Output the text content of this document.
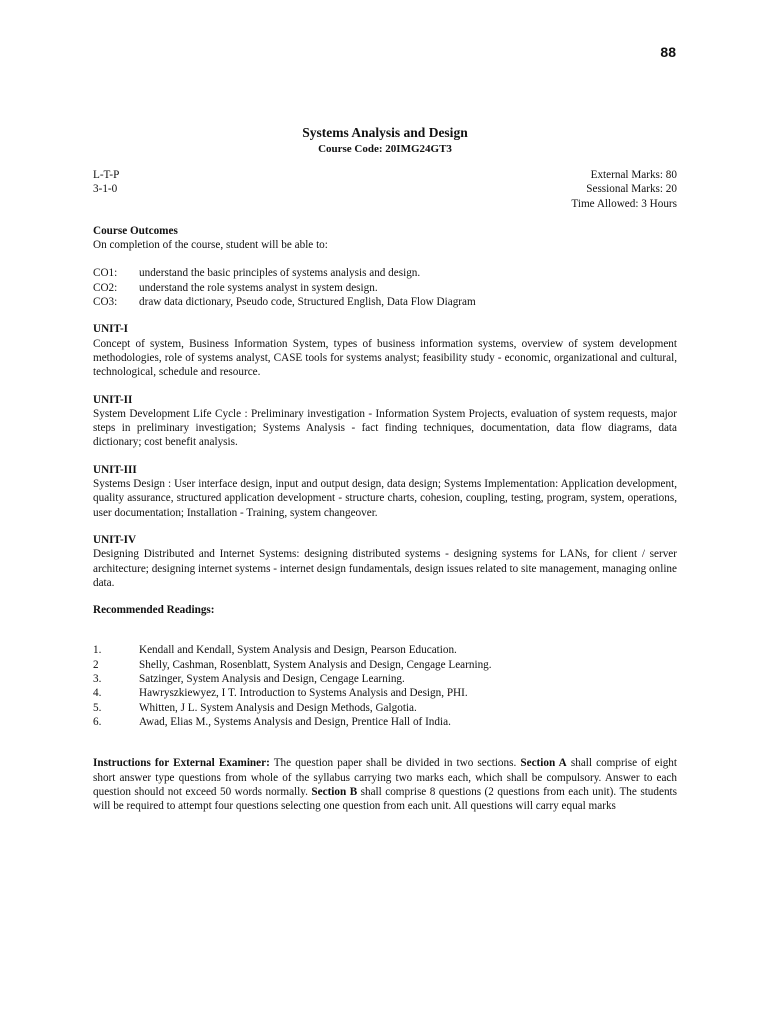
88
Systems Analysis and Design
Course Code: 20IMG24GT3
L-T-P
3-1-0
External Marks: 80
Sessional Marks: 20
Time Allowed: 3 Hours
Course Outcomes
On completion of the course, student will be able to:
CO1:	understand the basic principles of systems analysis and design.
CO2:	understand the role systems analyst in system design.
CO3:	draw data dictionary, Pseudo code, Structured English, Data Flow Diagram
UNIT-I

Concept of system, Business Information System, types of business information systems, overview of system development methodologies, role of systems analyst, CASE tools for systems analyst; feasibility study - economic, organizational and cultural, technological, schedule and resource.

UNIT-II

System Development Life Cycle : Preliminary investigation - Information System Projects, evaluation of system requests, major steps in preliminary investigation; Systems Analysis - fact finding techniques, documentation, data flow diagrams, data dictionary; cost benefit analysis.

UNIT-III

Systems Design : User interface design, input and output design, data design; Systems Implementation: Application development, quality assurance, structured application development - structure charts, cohesion, coupling, testing, program, system, operations, user documentation; Installation - Training, system changeover.

UNIT-IV

Designing Distributed and Internet Systems: designing distributed systems - designing systems for LANs, for client / server architecture; designing internet systems - internet design fundamentals, design issues related to site management, managing online data.

Recommended Readings:
1.	Kendall and Kendall, System Analysis and Design, Pearson Education.
2	Shelly, Cashman, Rosenblatt, System Analysis and Design, Cengage Learning.
3.	Satzinger, System Analysis and Design, Cengage Learning.
4.	Hawryszkiewyez, I T. Introduction to Systems Analysis and Design, PHI.
5.	Whitten, J L. System Analysis and Design Methods, Galgotia.
6.	Awad, Elias M., Systems Analysis and Design, Prentice Hall of India.
Instructions for External Examiner: The question paper shall be divided in two sections. Section A shall comprise of eight short answer type questions from whole of the syllabus carrying two marks each, which shall be compulsory. Answer to each question should not exceed 50 words normally. Section B shall comprise 8 questions (2 questions from each unit). The students will be required to attempt four questions selecting one question from each unit. All questions will carry equal marks
